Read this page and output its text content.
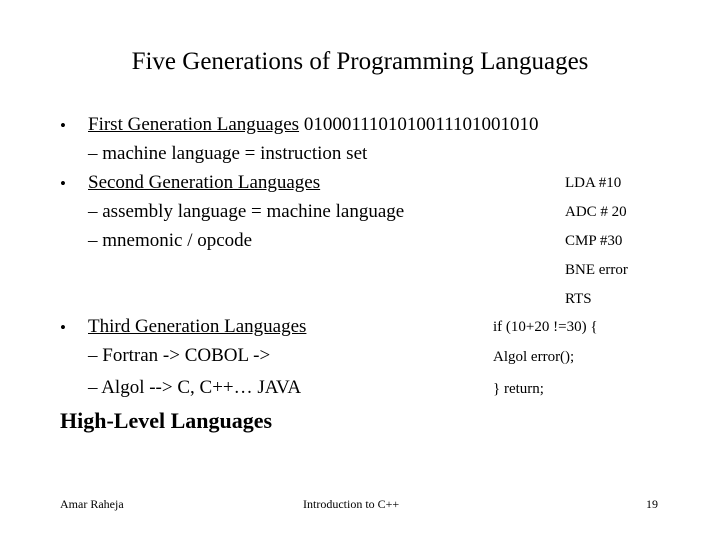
Five Generations of Programming Languages
• First Generation Languages 0100011101010011101001010
– machine language = instruction set
• Second Generation Languages
– assembly language = machine language
– mnemonic / opcode
LDA #10
ADC # 20
CMP #30
BNE error
RTS
• Third Generation Languages
– Fortran -> COBOL ->
– Algol --> C, C++… JAVA
if (10+20 !=30) {
Algol error();
} return;
High-Level Languages
Amar Raheja	Introduction to C++	19
